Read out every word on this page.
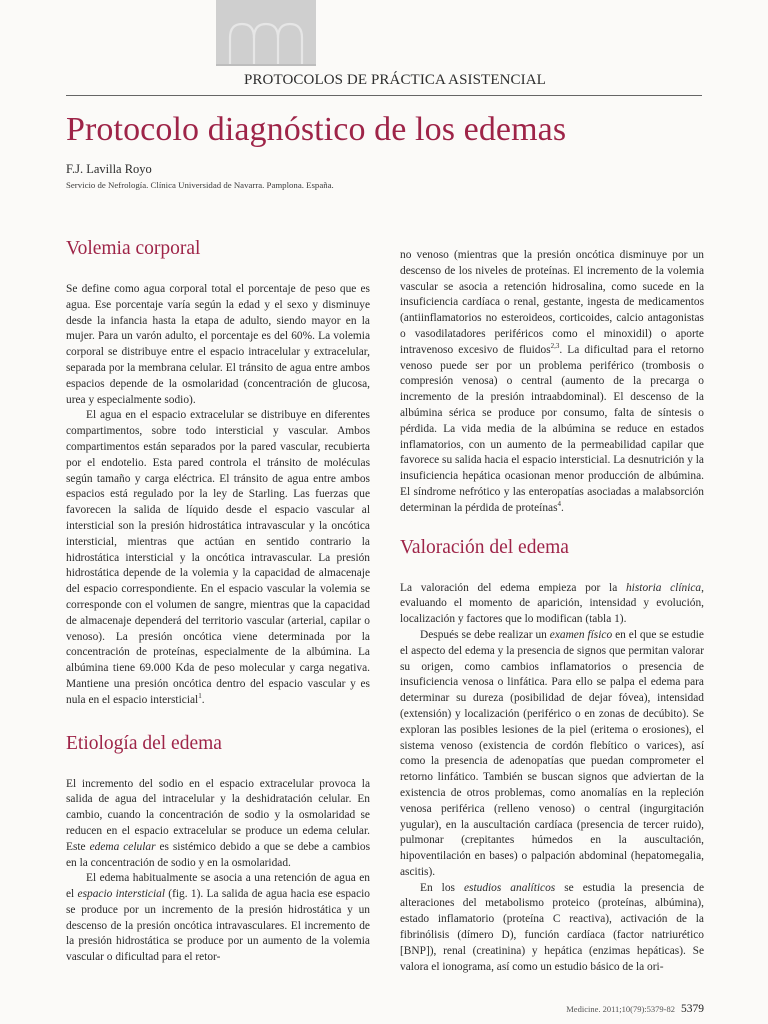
PROTOCOLOS DE PRÁCTICA ASISTENCIAL
Protocolo diagnóstico de los edemas
F.J. Lavilla Royo
Servicio de Nefrología. Clínica Universidad de Navarra. Pamplona. España.
Volemia corporal

Se define como agua corporal total el porcentaje de peso que es agua. Ese porcentaje varía según la edad y el sexo y disminuye desde la infancia hasta la etapa de adulto, siendo mayor en la mujer. Para un varón adulto, el porcentaje es del 60%. La volemia corporal se distribuye entre el espacio intracelular y extracelular, separada por la membrana celular. El tránsito de agua entre ambos espacios depende de la osmolaridad (concentración de glucosa, urea y especialmente sodio).

El agua en el espacio extracelular se distribuye en diferentes compartimentos, sobre todo intersticial y vascular. Ambos compartimentos están separados por la pared vascular, recubierta por el endotelio. Esta pared controla el tránsito de moléculas según tamaño y carga eléctrica. El tránsito de agua entre ambos espacios está regulado por la ley de Starling. Las fuerzas que favorecen la salida de líquido desde el espacio vascular al intersticial son la presión hidrostática intravascular y la oncótica intersticial, mientras que actúan en sentido contrario la hidrostática intersticial y la oncótica intravascular. La presión hidrostática depende de la volemia y la capacidad de almacenaje del espacio correspondiente. En el espacio vascular la volemia se corresponde con el volumen de sangre, mientras que la capacidad de almacenaje dependerá del territorio vascular (arterial, capilar o venoso). La presión oncótica viene determinada por la concentración de proteínas, especialmente de la albúmina. La albúmina tiene 69.000 Kda de peso molecular y carga negativa. Mantiene una presión oncótica dentro del espacio vascular y es nula en el espacio intersticial$^1$.

Etiología del edema

El incremento del sodio en el espacio extracelular provoca la salida de agua del intracelular y la deshidratación celular. En cambio, cuando la concentración de sodio y la osmolaridad se reducen en el espacio extracelular se produce un edema celular. Este edema celular es sistémico debido a que se debe a cambios en la concentración de sodio y en la osmolaridad.

El edema habitualmente se asocia a una retención de agua en el espacio intersticial (fig. 1). La salida de agua hacia ese espacio se produce por un incremento de la presión hidrostática y un descenso de la presión oncótica intravasculares. El incremento de la presión hidrostática se produce por un aumento de la volemia vascular o dificultad para el retor-

no venoso (mientras que la presión oncótica disminuye por un descenso de los niveles de proteínas. El incremento de la volemia vascular se asocia a retención hidrosalina, como sucede en la insuficiencia cardíaca o renal, gestante, ingesta de medicamentos (antiinflamatorios no esteroideos, corticoides, calcio antagonistas o vasodilatadores periféricos como el minoxidil) o aporte intravenoso excesivo de fluidos$^{2,3}$. La dificultad para el retorno venoso puede ser por un problema periférico (trombosis o compresión venosa) o central (aumento de la precarga o incremento de la presión intraabdominal). El descenso de la albúmina sérica se produce por consumo, falta de síntesis o pérdida. La vida media de la albúmina se reduce en estados inflamatorios, con un aumento de la permeabilidad capilar que favorece su salida hacia el espacio intersticial. La desnutrición y la insuficiencia hepática ocasionan menor producción de albúmina. El síndrome nefrótico y las enteropatías asociadas a malabsorción determinan la pérdida de proteínas$^4$.

Valoración del edema

La valoración del edema empieza por la historia clínica, evaluando el momento de aparición, intensidad y evolución, localización y factores que lo modifican (tabla 1).

Después se debe realizar un examen físico en el que se estudie el aspecto del edema y la presencia de signos que permitan valorar su origen, como cambios inflamatorios o presencia de insuficiencia venosa o linfática. Para ello se palpa el edema para determinar su dureza (posibilidad de dejar fóvea), intensidad (extensión) y localización (periférico o en zonas de decúbito). Se exploran las posibles lesiones de la piel (eritema o erosiones), el sistema venoso (existencia de cordón flebítico o varices), así como la presencia de adenopatías que puedan comprometer el retorno linfático. También se buscan signos que adviertan de la existencia de otros problemas, como anomalías en la repleción venosa periférica (relleno venoso) o central (ingurgitación yugular), en la auscultación cardíaca (presencia de tercer ruido), pulmonar (crepitantes húmedos en la auscultación, hipoventilación en bases) o palpación abdominal (hepatomegalia, ascitis).

En los estudios analíticos se estudia la presencia de alteraciones del metabolismo proteico (proteínas, albúmina), estado inflamatorio (proteína C reactiva), activación de la fibrinólisis (dímero D), función cardíaca (factor natriurético [BNP]), renal (creatinina) y hepática (enzimas hepáticas). Se valora el ionograma, así como un estudio básico de la ori-

Medicine. 2011;10(79):5379-82 5379
